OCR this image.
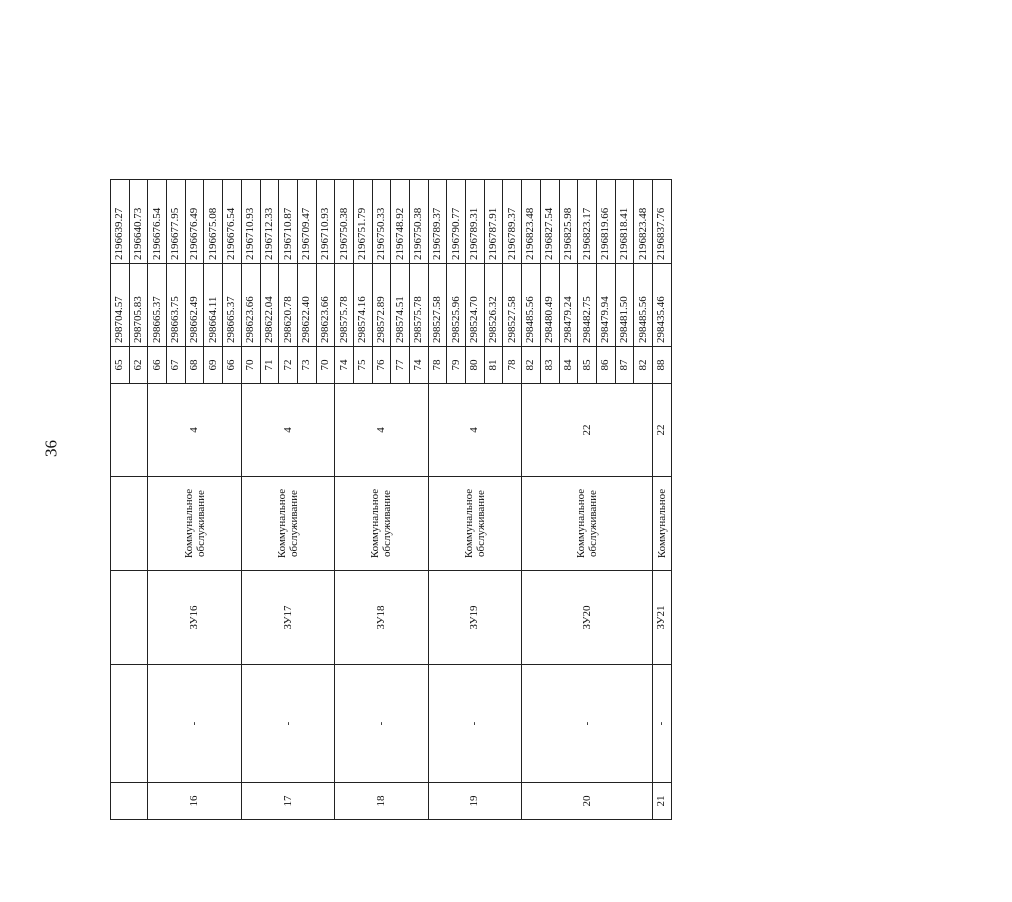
36
					65	298704.57	2196639.27
					62	298705.83	2196640.73
16	-	ЗУ16	Коммунальное обслуживание	4	66	298665.37	2196676.54
					67	298663.75	2196677.95
					68	298662.49	2196676.49
					69	298664.11	2196675.08
					66	298665.37	2196676.54
17	-	ЗУ17	Коммунальное обслуживание	4	70	298623.66	2196710.93
					71	298622.04	2196712.33
					72	298620.78	2196710.87
					73	298622.40	2196709.47
					70	298623.66	2196710.93
18	-	ЗУ18	Коммунальное обслуживание	4	74	298575.78	2196750.38
					75	298574.16	2196751.79
					76	298572.89	2196750.33
					77	298574.51	2196748.92
					74	298575.78	2196750.38
19	-	ЗУ19	Коммунальное обслуживание	4	78	298527.58	2196789.37
					79	298525.96	2196790.77
					80	298524.70	2196789.31
					81	298526.32	2196787.91
					78	298527.58	2196789.37
20	-	ЗУ20	Коммунальное обслуживание	22	82	298485.56	2196823.48
					83	298480.49	2196827.54
					84	298479.24	2196825.98
					85	298482.75	2196823.17
					86	298479.94	2196819.66
					87	298481.50	2196818.41
					82	298485.56	2196823.48
21	-	ЗУ21	Коммунальное	22	88	298435.46	2196837.76
